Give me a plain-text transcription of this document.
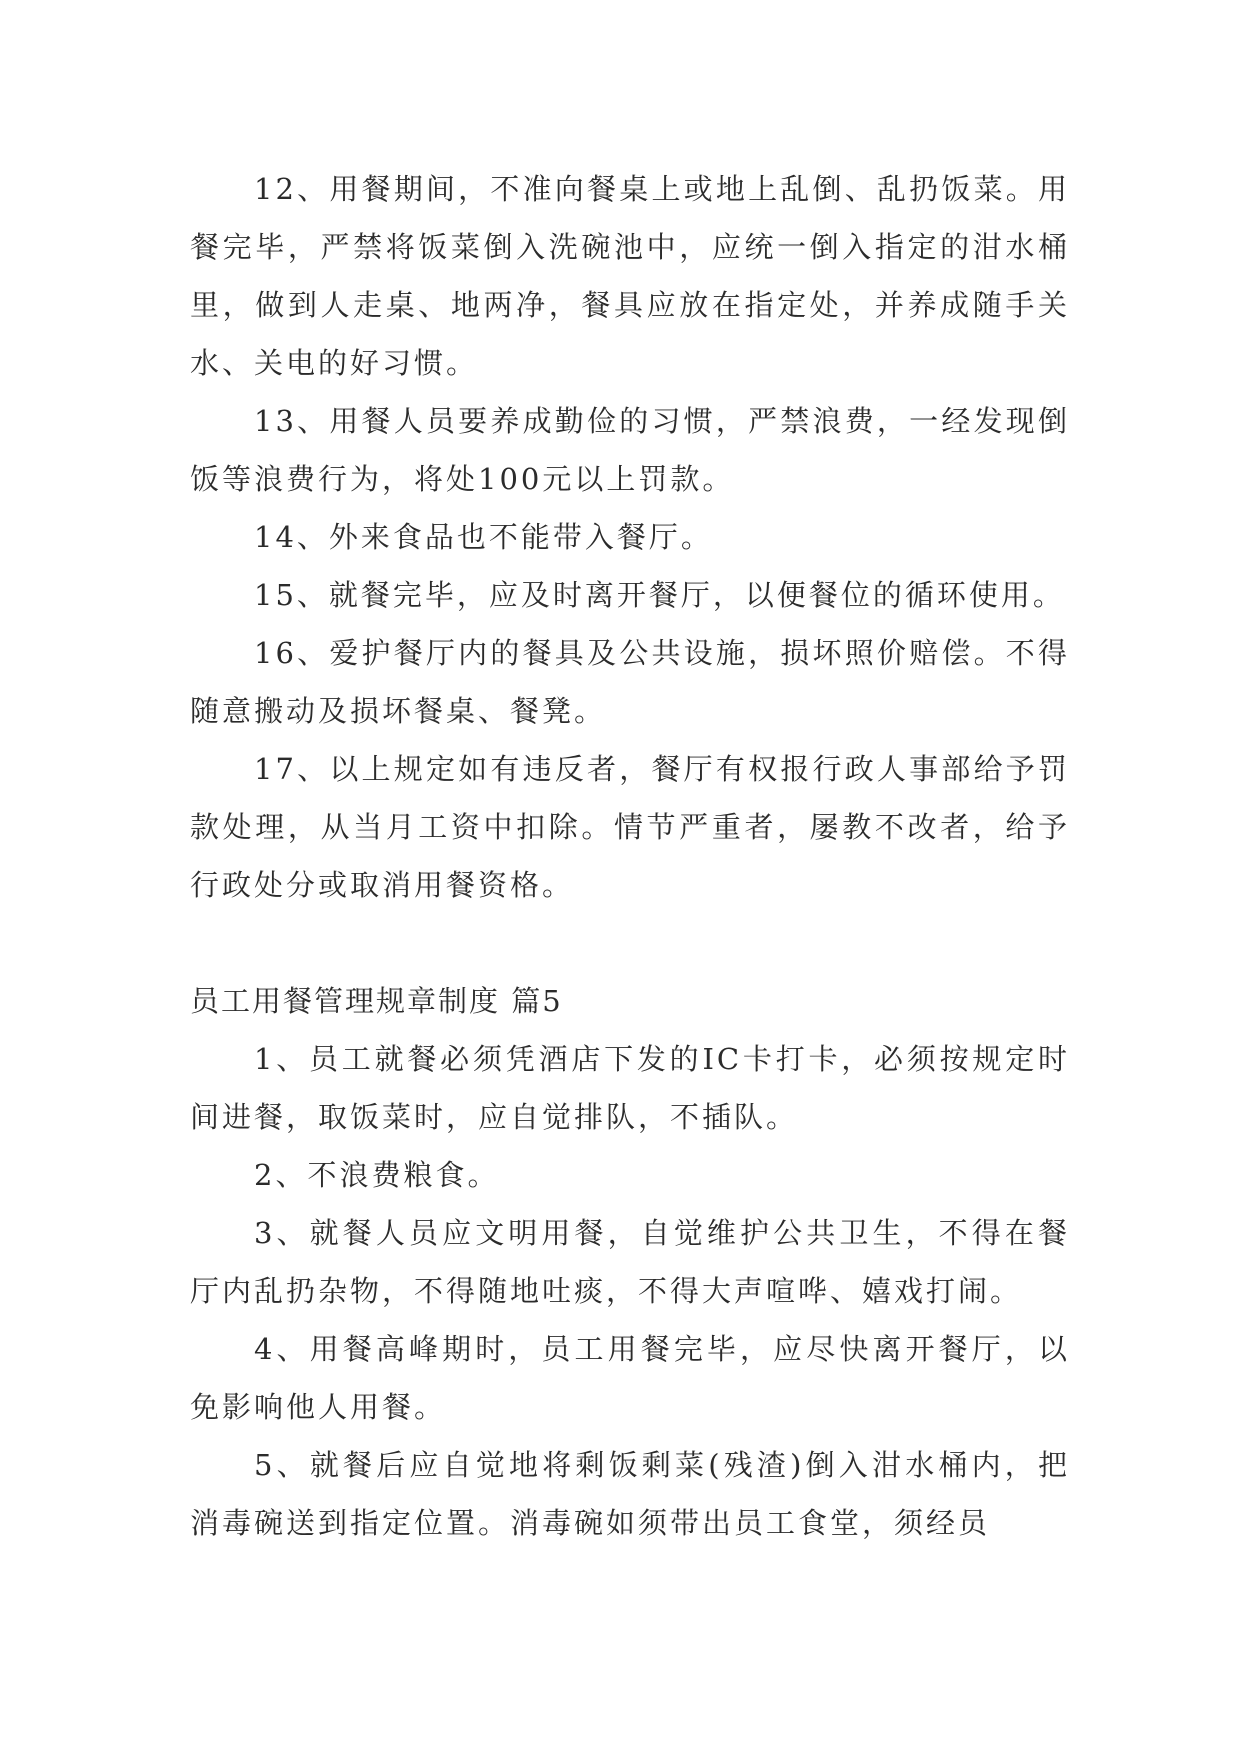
12、用餐期间，不准向餐桌上或地上乱倒、乱扔饭菜。用餐完毕，严禁将饭菜倒入洗碗池中，应统一倒入指定的泔水桶里，做到人走桌、地两净，餐具应放在指定处，并养成随手关水、关电的好习惯。

13、用餐人员要养成勤俭的习惯，严禁浪费，一经发现倒饭等浪费行为，将处100元以上罚款。

14、外来食品也不能带入餐厅。

15、就餐完毕，应及时离开餐厅，以便餐位的循环使用。

16、爱护餐厅内的餐具及公共设施，损坏照价赔偿。不得随意搬动及损坏餐桌、餐凳。

17、以上规定如有违反者，餐厅有权报行政人事部给予罚款处理，从当月工资中扣除。情节严重者，屡教不改者，给予行政处分或取消用餐资格。

员工用餐管理规章制度 篇5

1、员工就餐必须凭酒店下发的IC卡打卡，必须按规定时间进餐，取饭菜时，应自觉排队，不插队。

2、不浪费粮食。

3、就餐人员应文明用餐，自觉维护公共卫生，不得在餐厅内乱扔杂物，不得随地吐痰，不得大声喧哗、嬉戏打闹。

4、用餐高峰期时，员工用餐完毕，应尽快离开餐厅，以免影响他人用餐。

5、就餐后应自觉地将剩饭剩菜(残渣)倒入泔水桶内，把消毒碗送到指定位置。消毒碗如须带出员工食堂，须经员
